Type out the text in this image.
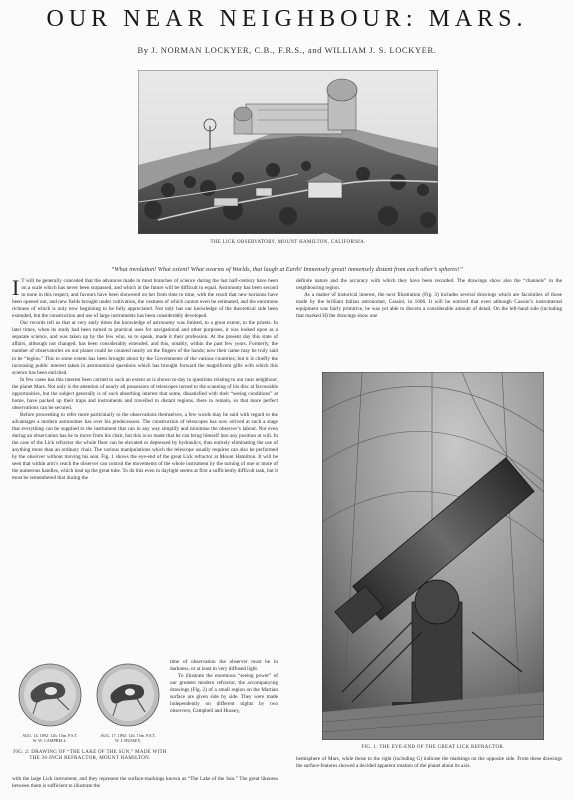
OUR NEAR NEIGHBOUR: MARS.
By J. NORMAN LOCKYER, C.B., F.R.S., and WILLIAM J. S. LOCKYER.
THE LICK OBSERVATORY, MOUNT HAMILTON, CALIFORNIA.
“What involution! What extent! What swarms of Worlds, that laugh at Earth! Immensely great! immensely distant from each other’s spheres!”

I T will be generally conceded that the advances made in most branches of science during the last half-century have been on a scale which has never been surpassed, and which in the future will be difficult to equal. Astronomy has been second to none in this respect, and favours have been showered on her from time to time, with the result that new horizons have been opened out, and new fields brought under cultivation, the vastness of which cannot even be estimated, and the enormous richness of which is only now beginning to be fully appreciated. Not only has our knowledge of the theoretical side been extended, but the construction and use of large instruments has been considerably developed.

Our records tell us that at very early times the knowledge of astronomy was limited, to a great extent, to the priests. In later times, when its study had been turned to practical uses for navigational and other purposes, it was looked upon as a separate science, and was taken up by the few who, so to speak, made it their profession. At the present day this state of affairs, although not changed, has been considerably extended, and this, notably, within the past few years. Formerly, the number of observatories on our planet could be counted nearly on the fingers of the hands; now their name may be truly said to be “legion.” This to some extent has been brought about by the Governments of the various countries; but it is chiefly the increasing public interest taken in astronomical questions which has brought forward the magnificent gifts with which this science has been enriched.

In few cases has this interest been carried to such an extent as is shown to-day in questions relating to our near neighbour, the planet Mars. Not only is the attention of nearly all possessors of telescopes turned to the scanning of his disc at favourable opportunities, but the subject generally is of such absorbing interest that some, dissatisfied with their “seeing conditions” at home, have packed up their traps and instruments and travelled to distant regions, there to remain, so that more perfect observations can be secured.

Before proceeding to refer more particularly to the observations themselves, a few words may be said with regard to the advantages a modern astronomer has over his predecessors. The construction of telescopes has now arrived at such a stage that everything can be supplied to the instrument that can in any way simplify and minimise the observer’s labour. Not even during an observation has he to move from his chair, but this is so made that he can bring himself into any position at will. In the case of the Lick refractor the whole floor can be elevated or depressed by hydraulics, thus entirely eliminating the use of anything more than an ordinary chair. The various manipulations which the telescope usually requires can also be performed by the observer without moving his seat. Fig. 1 shows the eye-end of the great Lick refractor at Mount Hamilton. It will be seen that within arm’s reach the observer can control the movements of the whole instrument by the turning of one or more of the numerous handles, which lead up the great tube. To do this even in daylight seems at first a sufficiently difficult task, but it must be remembered that during the

time of observation the observer must be in darkness, or at least in very diffused light.

To illustrate the enormous “seeing power” of our greatest modern refractor, the accompanying drawings (Fig. 2) of a small region on the Martian surface are given side by side. They were made independently on different nights by two observers, Campbell and Hussey,

AUG. 14, 1892: 12h. 15m. P.S.T.
W. W. CAMPBELL.
AUG. 17, 1892: 12h. 15m. P.S.T.
W. J. HUSSEY.
FIG. 2: DRAWING OF “THE LAKE OF THE SUN,” MADE WITH
THE 36-INCH REFRACTOR, MOUNT HAMILTON.

with the large Lick instrument, and they represent the surface-markings known as “The Lake of the Sun.” The great likeness between them is sufficient to illustrate the

definite nature and the accuracy with which they have been recorded. The drawings show also the “channels” in the neighbouring region.

As a matter of historical interest, the next Illustration (Fig. 3) includes several drawings which are facsimiles of those made by the brilliant Italian astronomer, Cassini, in 1666. It will be noticed that even although Cassini’s instrumental equipment was fairly primitive, he was yet able to discern a considerable amount of detail. On the left-hand side (including that marked H) the drawings show one

FIG. 1: THE EYE-END OF THE GREAT LICK REFRACTOR.

hemisphere of Mars, while those to the right (including G) indicate the markings on the opposite side. From these drawings the surface-features showed a decided apparent rotation of the planet about its axis.
